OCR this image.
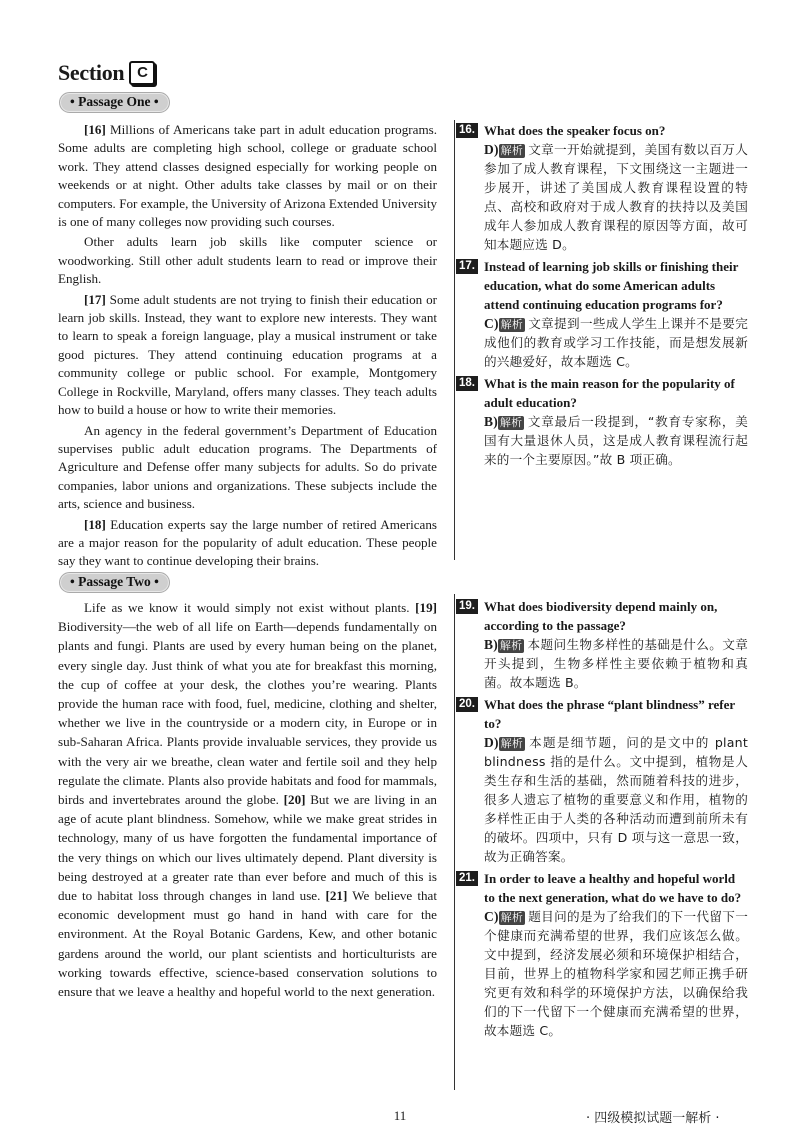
Section C
• Passage One •

[16] Millions of Americans take part in adult education programs. Some adults are completing high school, college or graduate school work. They attend classes designed especially for working people on weekends or at night. Other adults take classes by mail or on their computers. For example, the University of Arizona Extended University is one of many colleges now providing such courses.

Other adults learn job skills like computer science or woodworking. Still other adult students learn to read or improve their English.

[17] Some adult students are not trying to finish their education or learn job skills. Instead, they want to explore new interests. They want to learn to speak a foreign language, play a musical instrument or take good pictures. They attend continuing education programs at a community college or public school. For example, Montgomery College in Rockville, Maryland, offers many classes. They teach adults how to build a house or how to write their memories.

An agency in the federal government’s Department of Education supervises public adult education programs. The Departments of Agriculture and Defense offer many subjects for adults. So do private companies, labor unions and organizations. These subjects include the arts, science and business.

[18] Education experts say the large number of retired Americans are a major reason for the popularity of adult education. These people say they want to continue developing their brains.

16. What does the speaker focus on?
D) 解析 文章一开始就提到，美国有数以百万人参加了成人教育课程，下文围绕这一主题进一步展开，讲述了美国成人教育课程设置的特点、高校和政府对于成人教育的扶持以及美国成年人参加成人教育课程的原因等方面，故可知本题应选 D。
17. Instead of learning job skills or finishing their education, what do some American adults attend continuing education programs for?
C) 解析 文章提到一些成人学生上课并不是要完成他们的教育或学习工作技能，而是想发展新的兴趣爱好，故本题选 C。
18. What is the main reason for the popularity of adult education?
B) 解析 文章最后一段提到，“教育专家称，美国有大量退休人员，这是成人教育课程流行起来的一个主要原因。”故 B 项正确。
• Passage Two •

Life as we know it would simply not exist without plants. [19] Biodiversity—the web of all life on Earth—depends fundamentally on plants and fungi. Plants are used by every human being on the planet, every single day. Just think of what you ate for breakfast this morning, the cup of coffee at your desk, the clothes you’re wearing. Plants provide the human race with food, fuel, medicine, clothing and shelter, whether we live in the countryside or a modern city, in Europe or in sub-Saharan Africa. Plants provide invaluable services, they provide us with the very air we breathe, clean water and fertile soil and they help regulate the climate. Plants also provide habitats and food for mammals, birds and invertebrates around the globe. [20] But we are living in an age of acute plant blindness. Somehow, while we make great strides in technology, many of us have forgotten the fundamental importance of the very things on which our lives ultimately depend. Plant diversity is being destroyed at a greater rate than ever before and much of this is due to habitat loss through changes in land use. [21] We believe that economic development must go hand in hand with care for the environment. At the Royal Botanic Gardens, Kew, and other botanic gardens around the world, our plant scientists and horticulturists are working towards effective, science-based conservation solutions to ensure that we leave a healthy and hopeful world to the next generation.

19. What does biodiversity depend mainly on, according to the passage?
B) 解析 本题问生物多样性的基础是什么。文章开头提到，生物多样性主要依赖于植物和真菌。故本题选 B。
20. What does the phrase “plant blindness” refer to?
D) 解析 本题是细节题，问的是文中的 plant blindness 指的是什么。文中提到，植物是人类生存和生活的基础，然而随着科技的进步，很多人遗忘了植物的重要意义和作用，植物的多样性正由于人类的各种活动而遭到前所未有的破坏。四项中，只有 D 项与这一意思一致，故为正确答案。
21. In order to leave a healthy and hopeful world to the next generation, what do we have to do?
C) 解析 题目问的是为了给我们的下一代留下一个健康而充满希望的世界，我们应该怎么做。文中提到，经济发展必须和环境保护相结合，目前，世界上的植物科学家和园艺师正携手研究更有效和科学的环境保护方法，以确保给我们的下一代留下一个健康而充满希望的世界，故本题选 C。
11	· 四级模拟试题一解析 ·
